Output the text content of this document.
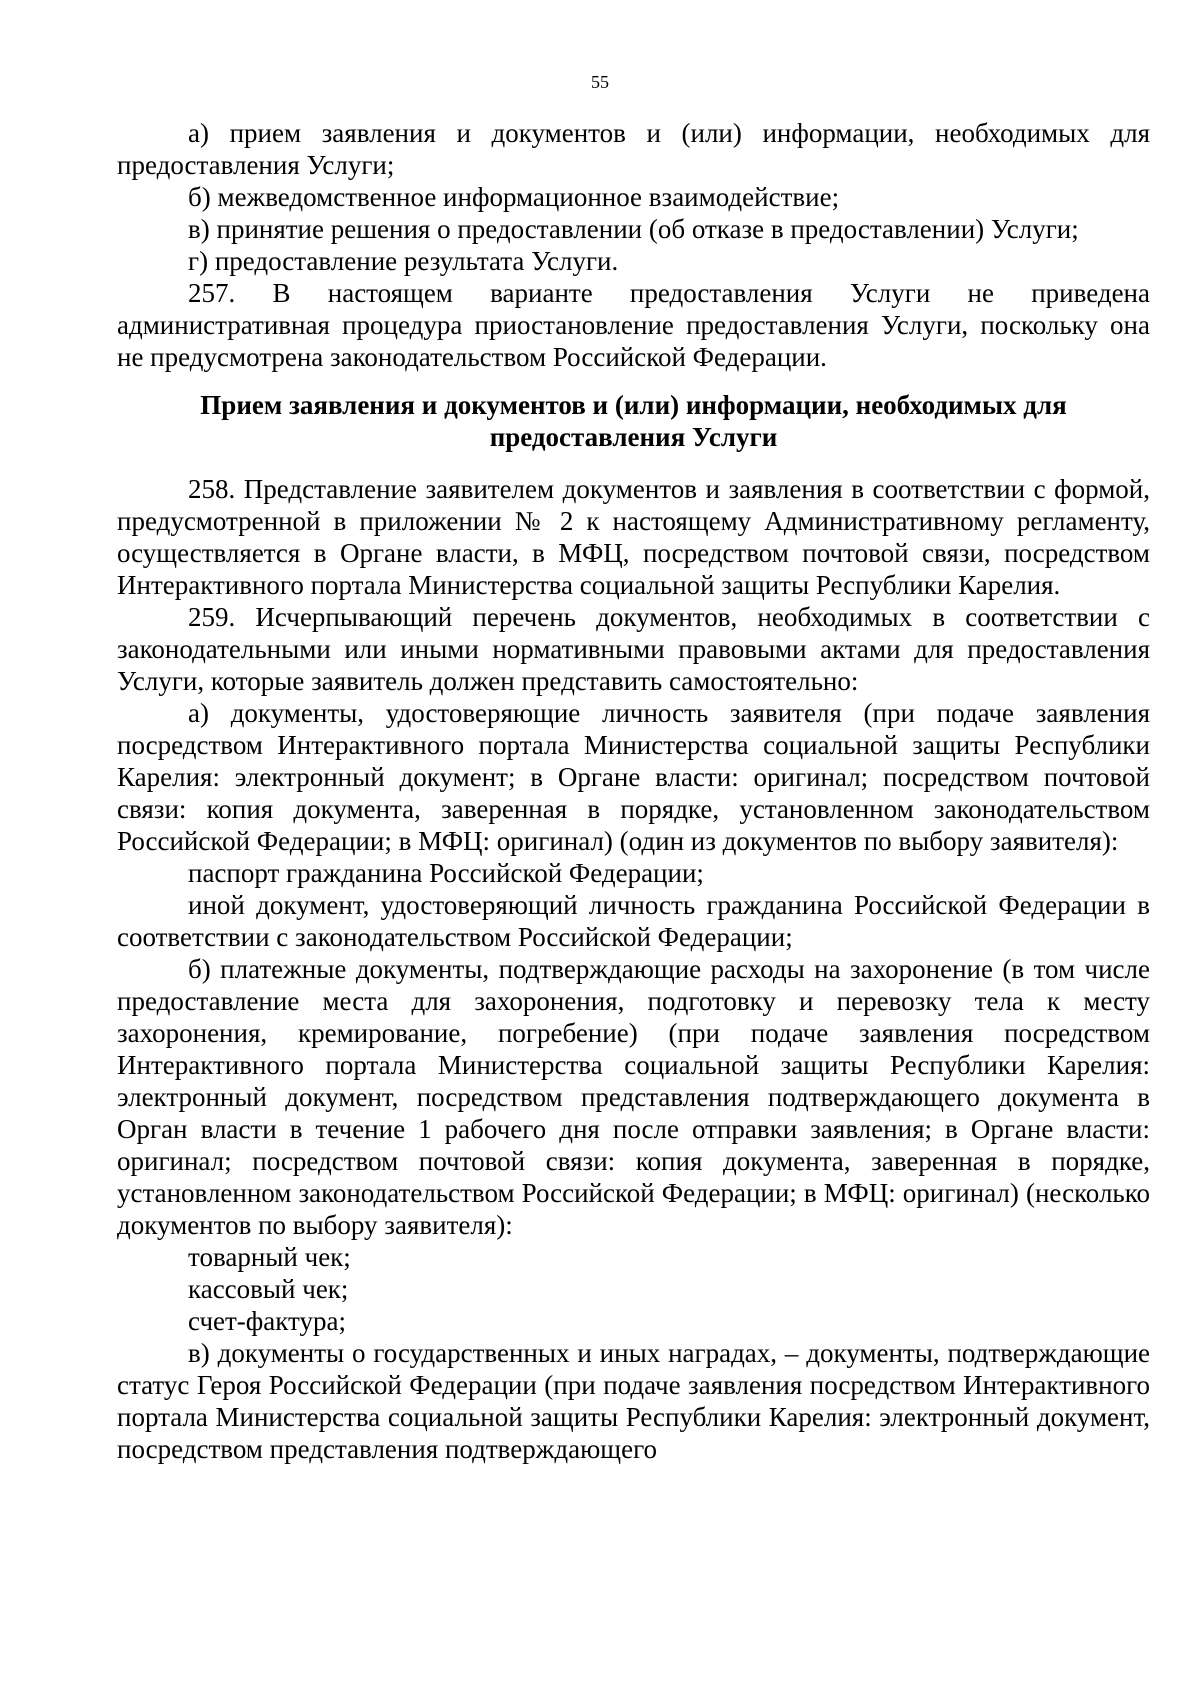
55

а) прием заявления и документов и (или) информации, необходимых для предоставления Услуги;

б) межведомственное информационное взаимодействие;

в) принятие решения о предоставлении (об отказе в предоставлении) Услуги;

г) предоставление результата Услуги.

257. В настоящем варианте предоставления Услуги не приведена административная процедура приостановление предоставления Услуги, поскольку она не предусмотрена законодательством Российской Федерации.

Прием заявления и документов и (или) информации, необходимых для предоставления Услуги

258. Представление заявителем документов и заявления в соответствии с формой, предусмотренной в приложении № 2 к настоящему Административному регламенту, осуществляется в Органе власти, в МФЦ, посредством почтовой связи, посредством Интерактивного портала Министерства социальной защиты Республики Карелия.

259. Исчерпывающий перечень документов, необходимых в соответствии с законодательными или иными нормативными правовыми актами для предоставления Услуги, которые заявитель должен представить самостоятельно:

а) документы, удостоверяющие личность заявителя (при подаче заявления посредством Интерактивного портала Министерства социальной защиты Республики Карелия: электронный документ; в Органе власти: оригинал; посредством почтовой связи: копия документа, заверенная в порядке, установленном законодательством Российской Федерации; в МФЦ: оригинал) (один из документов по выбору заявителя):

паспорт гражданина Российской Федерации;

иной документ, удостоверяющий личность гражданина Российской Федерации в соответствии с законодательством Российской Федерации;

б) платежные документы, подтверждающие расходы на захоронение (в том числе предоставление места для захоронения, подготовку и перевозку тела к месту захоронения, кремирование, погребение) (при подаче заявления посредством Интерактивного портала Министерства социальной защиты Республики Карелия: электронный документ, посредством представления подтверждающего документа в Орган власти в течение 1 рабочего дня после отправки заявления; в Органе власти: оригинал; посредством почтовой связи: копия документа, заверенная в порядке, установленном законодательством Российской Федерации; в МФЦ: оригинал) (несколько документов по выбору заявителя):

товарный чек;

кассовый чек;

счет-фактура;

в) документы о государственных и иных наградах, – документы, подтверждающие статус Героя Российской Федерации (при подаче заявления посредством Интерактивного портала Министерства социальной защиты Республики Карелия: электронный документ, посредством представления подтверждающего
